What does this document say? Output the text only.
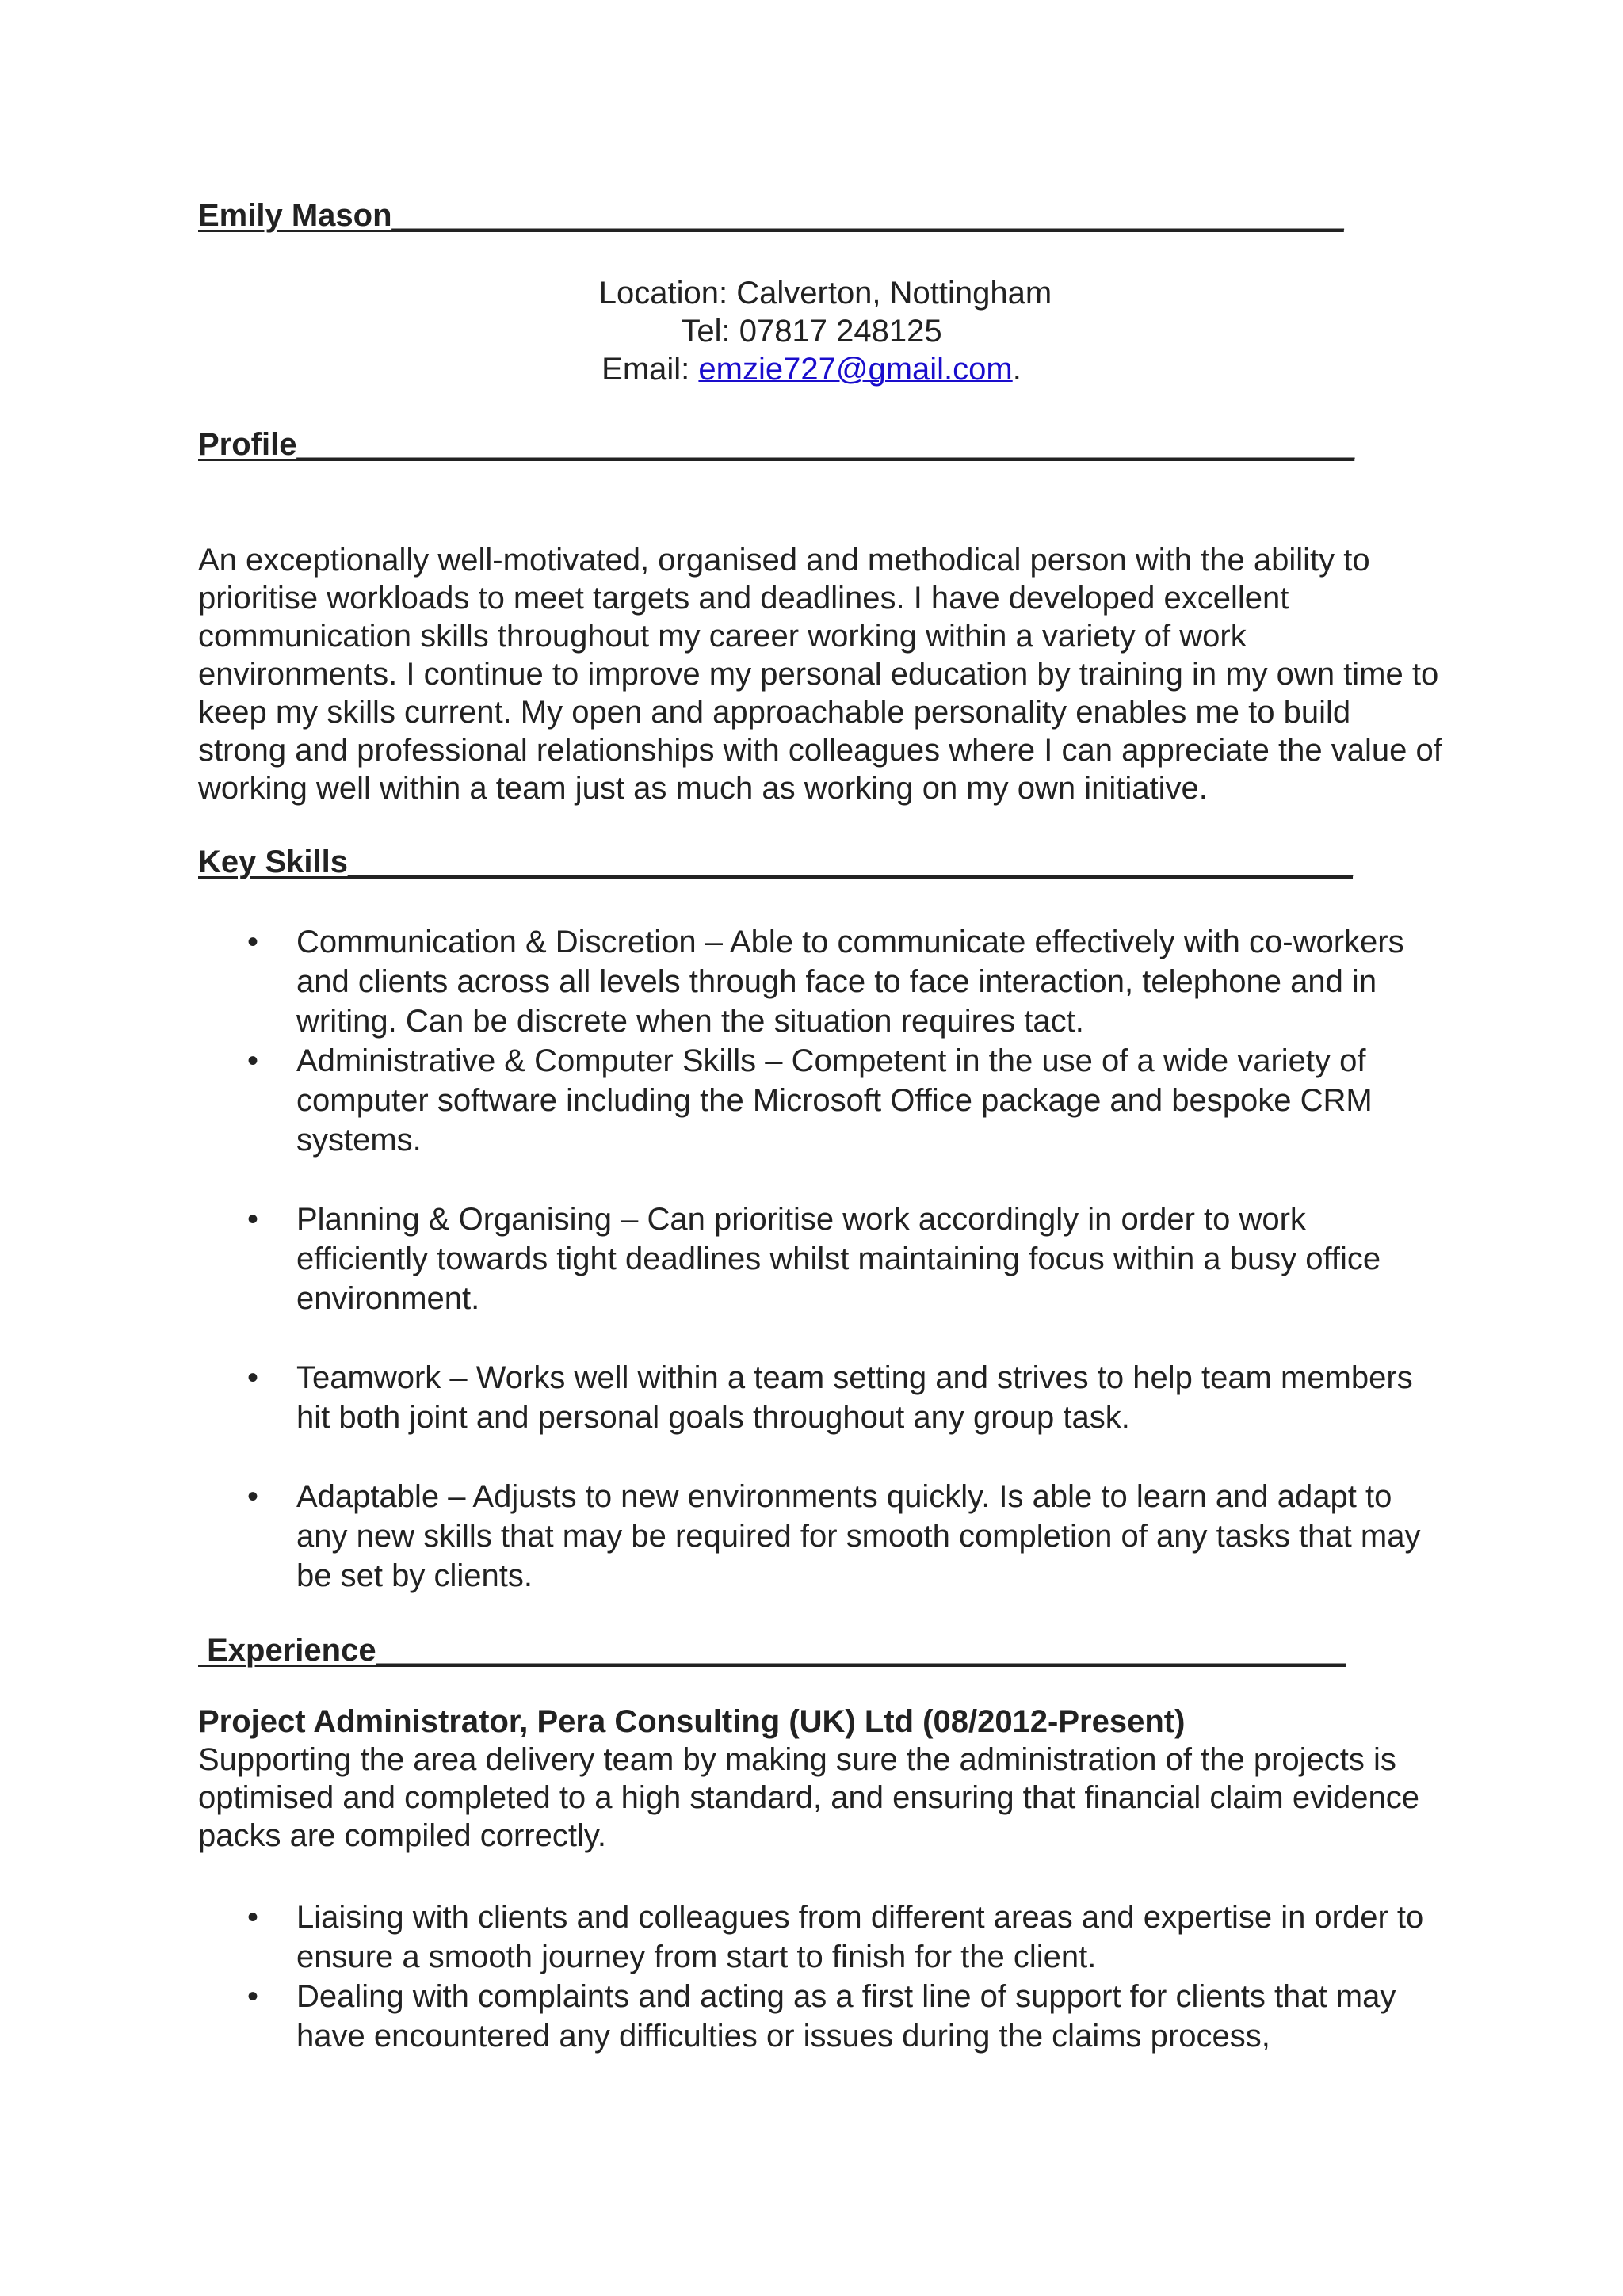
Emily Mason______________________________________________________

Location: Calverton, Nottingham
Tel: 07817 248125
Email: emzie727@gmail.com.

Profile____________________________________________________________

An exceptionally well-motivated, organised and methodical person with the ability to prioritise workloads to meet targets and deadlines. I have developed excellent communication skills throughout my career working within a variety of work environments. I continue to improve my personal education by training in my own time to keep my skills current. My open and approachable personality enables me to build strong and professional relationships with colleagues where I can appreciate the value of working well within a team just as much as working on my own initiative.

Key Skills_________________________________________________________

• Communication & Discretion – Able to communicate effectively with co-workers and clients across all levels through face to face interaction, telephone and in writing. Can be discrete when the situation requires tact.
• Administrative & Computer Skills – Competent in the use of a wide variety of computer software including the Microsoft Office package and bespoke CRM systems.
• Planning & Organising – Can prioritise work accordingly in order to work efficiently towards tight deadlines whilst maintaining focus within a busy office environment.
• Teamwork – Works well within a team setting and strives to help team members hit both joint and personal goals throughout any group task.
• Adaptable – Adjusts to new environments quickly. Is able to learn and adapt to any new skills that may be required for smooth completion of any tasks that may be set by clients.

Experience_______________________________________________________

Project Administrator, Pera Consulting (UK) Ltd (08/2012-Present)

Supporting the area delivery team by making sure the administration of the projects is optimised and completed to a high standard, and ensuring that financial claim evidence packs are compiled correctly.

• Liaising with clients and colleagues from different areas and expertise in order to ensure a smooth journey from start to finish for the client.
• Dealing with complaints and acting as a first line of support for clients that may have encountered any difficulties or issues during the claims process,
